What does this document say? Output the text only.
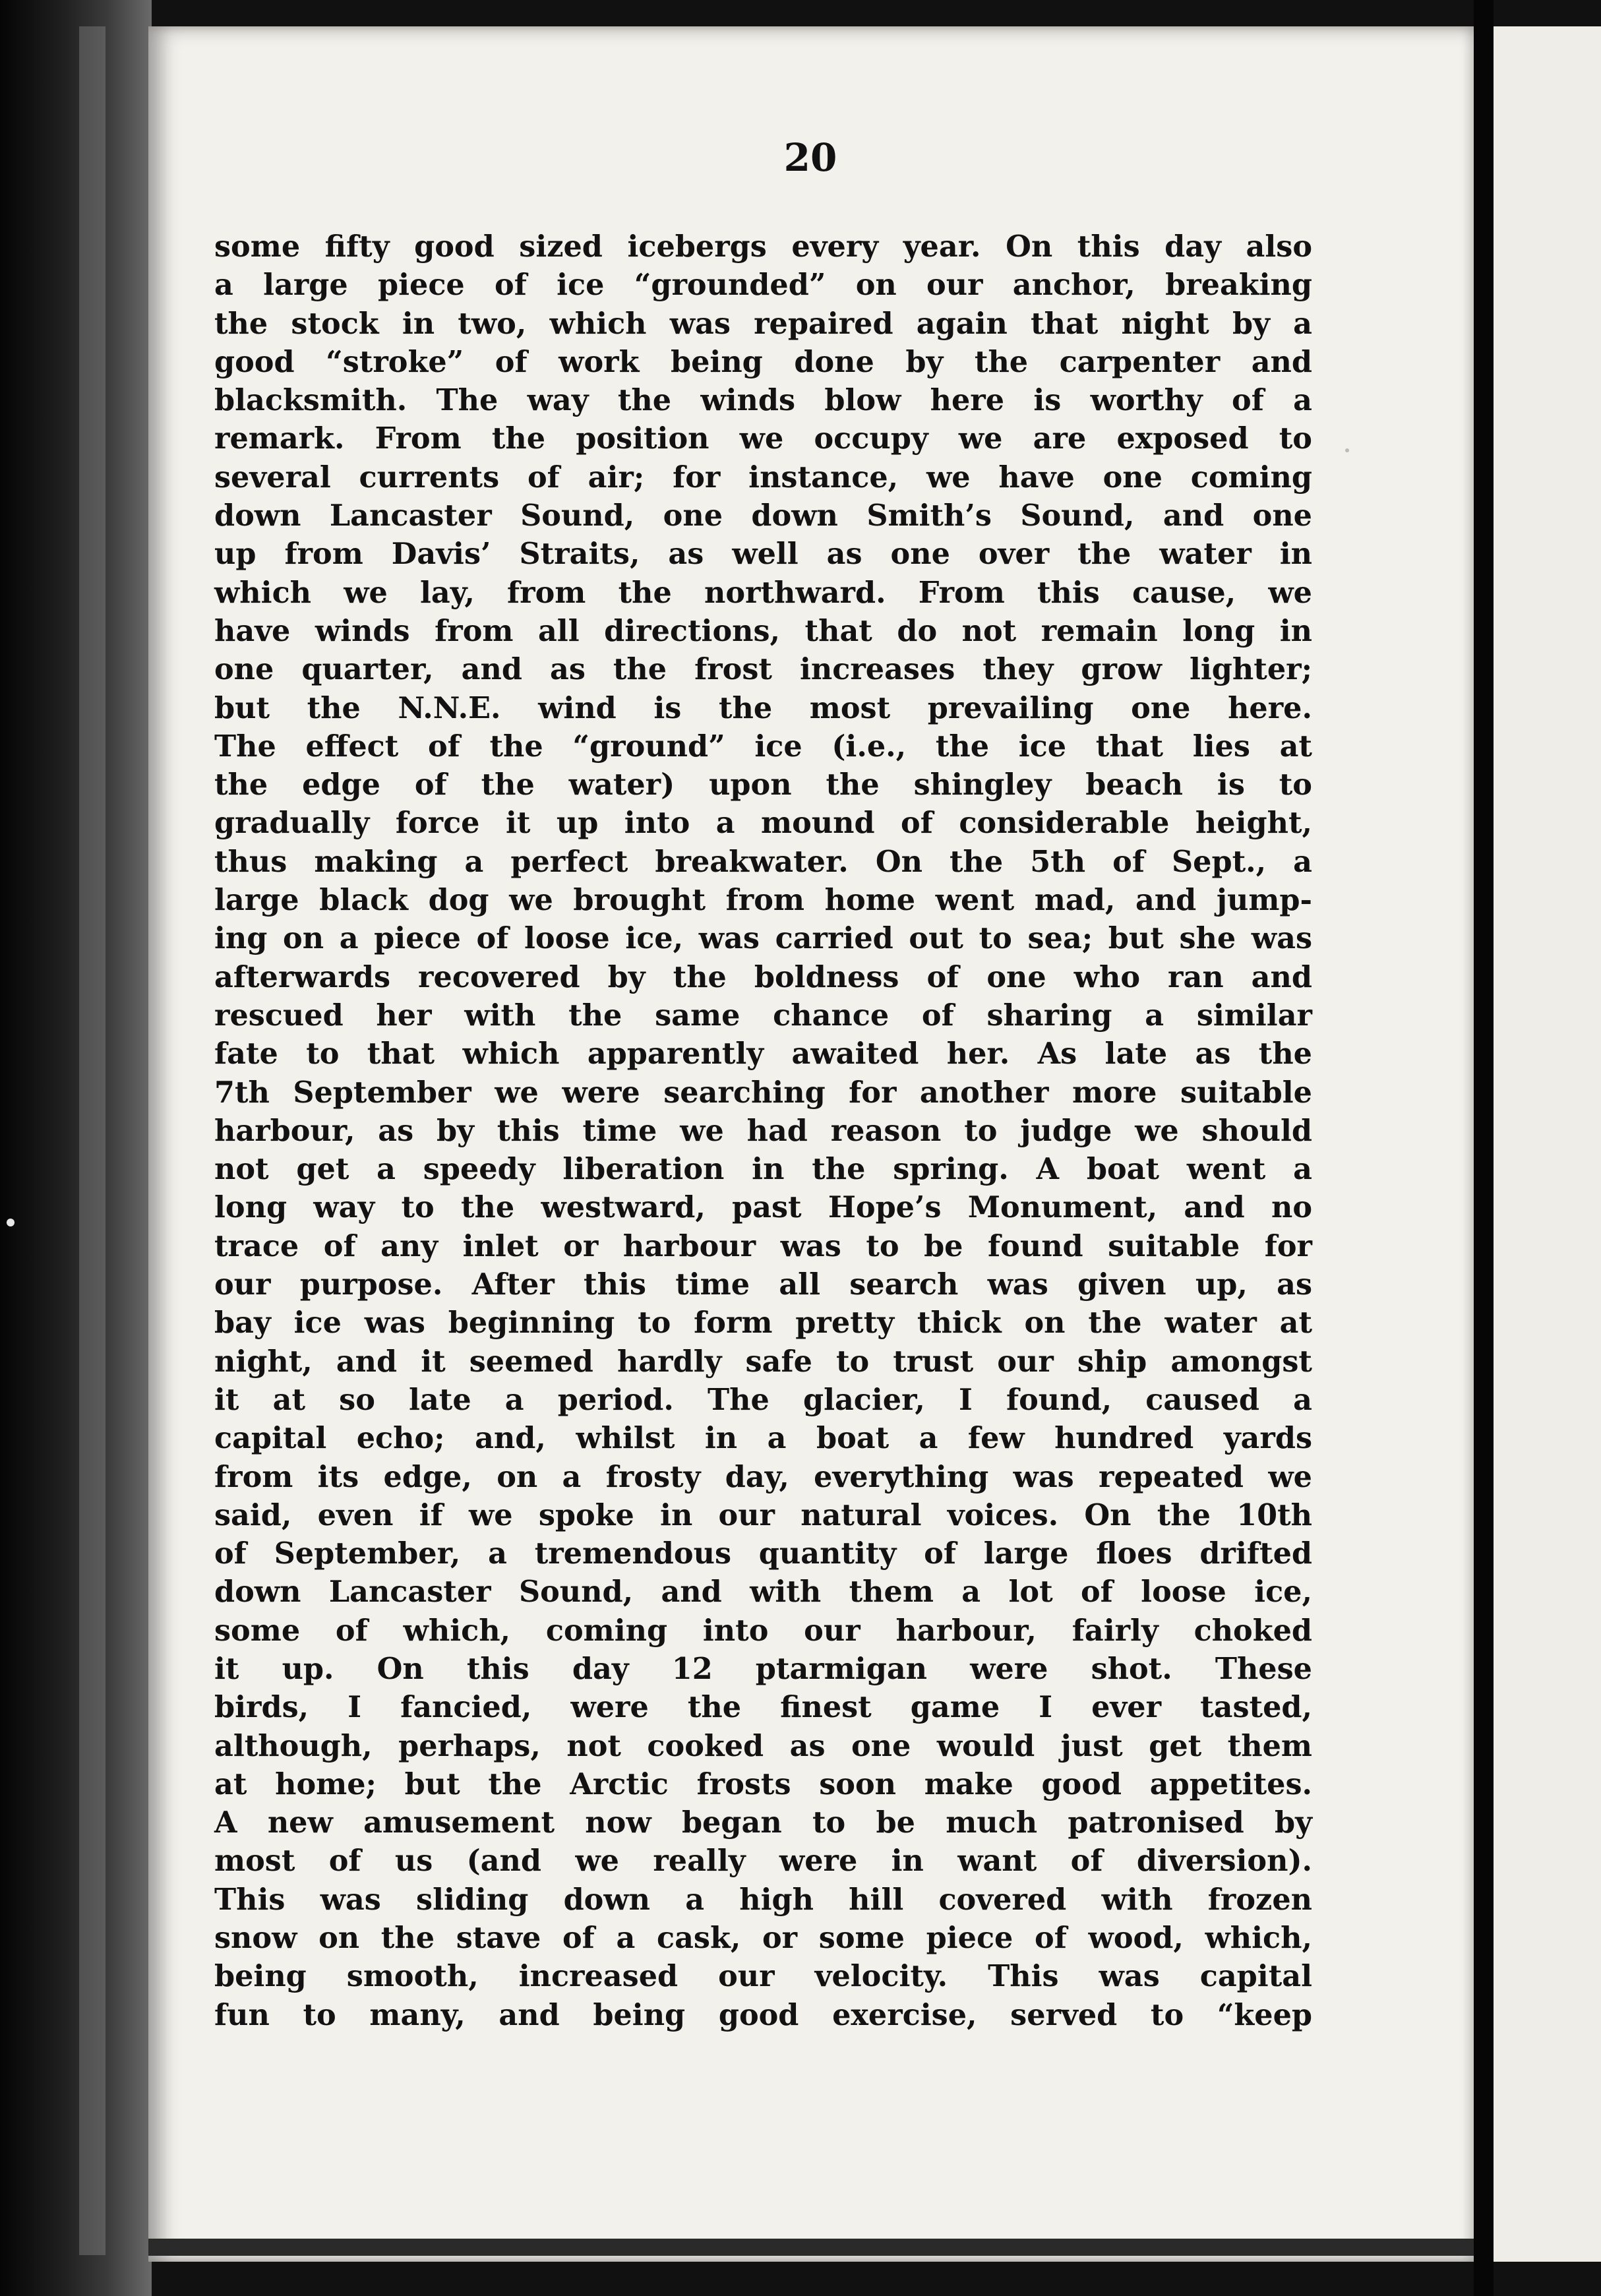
20
some fifty good sized icebergs every year. On this day also
a large piece of ice “grounded” on our anchor, breaking
the stock in two, which was repaired again that night by a
good “stroke” of work being done by the carpenter and
blacksmith. The way the winds blow here is worthy of a
remark. From the position we occupy we are exposed to
several currents of air; for instance, we have one coming
down Lancaster Sound, one down Smith’s Sound, and one
up from Davis’ Straits, as well as one over the water in
which we lay, from the northward. From this cause, we
have winds from all directions, that do not remain long in
one quarter, and as the frost increases they grow lighter;
but the N.N.E. wind is the most prevailing one here.
The effect of the “ground” ice (i.e., the ice that lies at
the edge of the water) upon the shingley beach is to
gradually force it up into a mound of considerable height,
thus making a perfect breakwater. On the 5th of Sept., a
large black dog we brought from home went mad, and jump-
ing on a piece of loose ice, was carried out to sea; but she was
afterwards recovered by the boldness of one who ran and
rescued her with the same chance of sharing a similar
fate to that which apparently awaited her. As late as the
7th September we were searching for another more suitable
harbour, as by this time we had reason to judge we should
not get a speedy liberation in the spring. A boat went a
long way to the westward, past Hope’s Monument, and no
trace of any inlet or harbour was to be found suitable for
our purpose. After this time all search was given up, as
bay ice was beginning to form pretty thick on the water at
night, and it seemed hardly safe to trust our ship amongst
it at so late a period. The glacier, I found, caused a
capital echo; and, whilst in a boat a few hundred yards
from its edge, on a frosty day, everything was repeated we
said, even if we spoke in our natural voices. On the 10th
of September, a tremendous quantity of large floes drifted
down Lancaster Sound, and with them a lot of loose ice,
some of which, coming into our harbour, fairly choked
it up. On this day 12 ptarmigan were shot. These
birds, I fancied, were the finest game I ever tasted,
although, perhaps, not cooked as one would just get them
at home; but the Arctic frosts soon make good appetites.
A new amusement now began to be much patronised by
most of us (and we really were in want of diversion).
This was sliding down a high hill covered with frozen
snow on the stave of a cask, or some piece of wood, which,
being smooth, increased our velocity. This was capital
fun to many, and being good exercise, served to “keep
